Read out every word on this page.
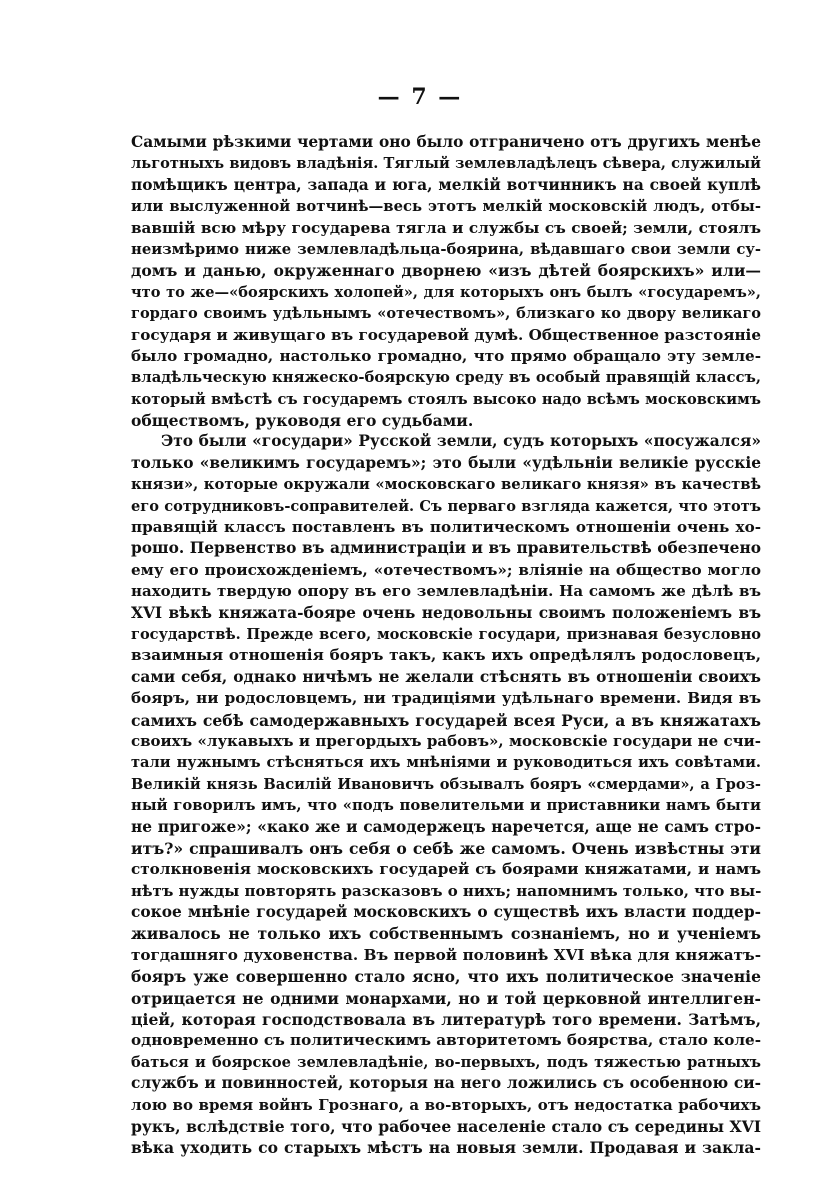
— 7 —
Самыми рѣзкими чертами оно было отграничено отъ другихъ менѣе
льготныхъ видовъ владѣнія. Тяглый землевладѣлецъ сѣвера, служилый
помѣщикъ центра, запада и юга, мелкій вотчинникъ на своей куплѣ
или выслуженной вотчинѣ—весь этотъ мелкій московскій людъ, отбы-
вавшій всю мѣру государева тягла и службы съ своей; земли, стоялъ
неизмѣримо ниже землевладѣльца-боярина, вѣдавшаго свои земли су-
домъ и данью, окруженнаго дворнею «изъ дѣтей боярскихъ» или—
что то же—«боярскихъ холопей», для которыхъ онъ былъ «государемъ»,
гордаго своимъ удѣльнымъ «отечествомъ», близкаго ко двору великаго
государя и живущаго въ государевой думѣ. Общественное разстояніе
было громадно, настолько громадно, что прямо обращало эту земле-
владѣльческую княжеско-боярскую среду въ особый правящій классъ,
который вмѣстѣ съ государемъ стоялъ высоко надо всѣмъ московскимъ
обществомъ, руководя его судьбами.
Это были «государи» Русской земли, судъ которыхъ «посужался»
только «великимъ государемъ»; это были «удѣльніи великіе русскіе
князи», которые окружали «московскаго великаго князя» въ качествѣ
его сотрудниковъ-соправителей. Съ перваго взгляда кажется, что этотъ
правящій классъ поставленъ въ политическомъ отношеніи очень хо-
рошо. Первенство въ администраціи и въ правительствѣ обезпечено
ему его происхожденіемъ, «отечествомъ»; вліяніе на общество могло
находить твердую опору въ его землевладѣніи. На самомъ же дѣлѣ въ
XVI вѣкѣ княжата-бояре очень недовольны своимъ положеніемъ въ
государствѣ. Прежде всего, московскіе государи, признавая безусловно
взаимныя отношенія бояръ такъ, какъ ихъ опредѣлялъ родословецъ,
сами себя, однако ничѣмъ не желали стѣснять въ отношеніи своихъ
бояръ, ни родословцемъ, ни традиціями удѣльнаго времени. Видя въ
самихъ себѣ самодержавныхъ государей всея Руси, а въ княжатахъ
своихъ «лукавыхъ и прегордыхъ рабовъ», московскіе государи не счи-
тали нужнымъ стѣсняться ихъ мнѣніями и руководиться ихъ совѣтами.
Великій князь Василій Ивановичъ обзывалъ бояръ «смердами», а Гроз-
ный говорилъ имъ, что «подъ повелительми и приставники намъ быти
не пригоже»; «како же и самодержецъ наречется, аще не самъ стро-
итъ?» спрашивалъ онъ себя о себѣ же самомъ. Очень извѣстны эти
столкновенія московскихъ государей съ боярами княжатами, и намъ
нѣтъ нужды повторять разсказовъ о нихъ; напомнимъ только, что вы-
сокое мнѣніе государей московскихъ о существѣ ихъ власти поддер-
живалось не только ихъ собственнымъ сознаніемъ, но и ученіемъ
тогдашняго духовенства. Въ первой половинѣ XVI вѣка для княжатъ-
бояръ уже совершенно стало ясно, что ихъ политическое значеніе
отрицается не одними монархами, но и той церковной интеллиген-
ціей, которая господствовала въ литературѣ того времени. Затѣмъ,
одновременно съ политическимъ авторитетомъ боярства, стало коле-
баться и боярское землевладѣніе, во-первыхъ, подъ тяжестью ратныхъ
службъ и повинностей, которыя на него ложились съ особенною си-
лою во время войнъ Грознаго, а во-вторыхъ, отъ недостатка рабочихъ
рукъ, вслѣдствіе того, что рабочее населеніе стало съ середины XVI
вѣка уходить со старыхъ мѣстъ на новыя земли. Продавая и закла-
